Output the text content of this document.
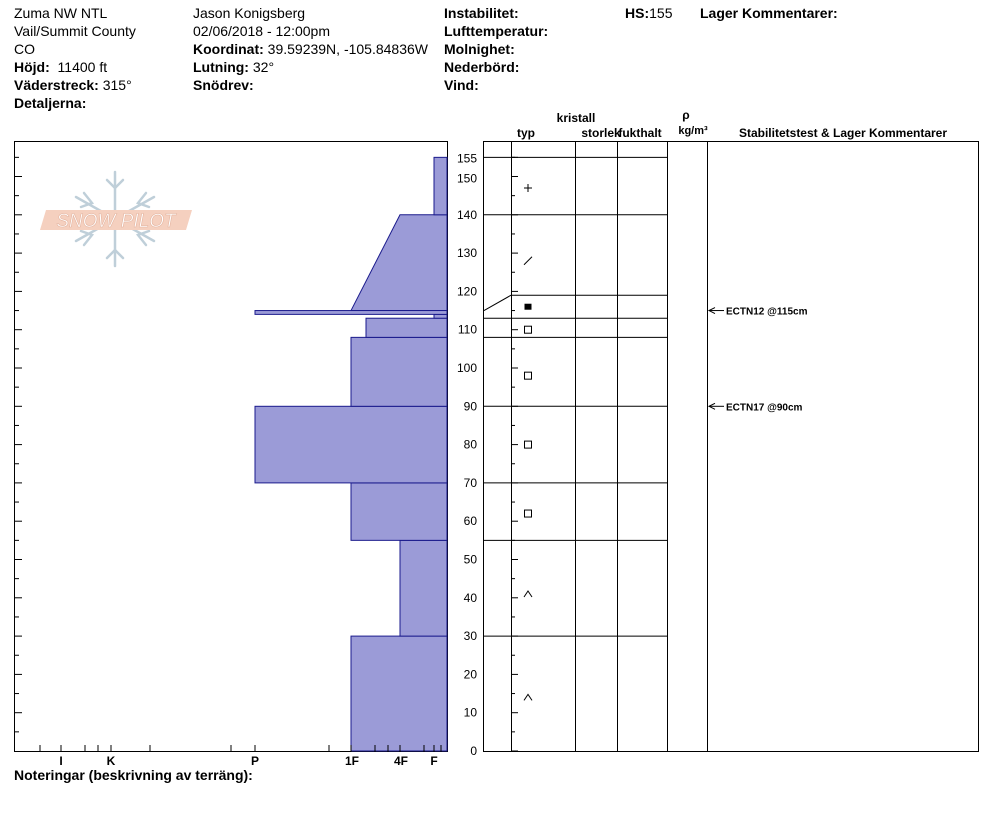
Zuma NW NTL
Vail/Summit County
CO
Höjd: 11400 ft
Väderstreck: 315°
Detaljerna:
Jason Konigsberg
02/06/2018 - 12:00pm
Koordinat: 39.59239N, -105.84836W
Lutning: 32°
Snödrev:
Instabilitet:
Lufttemperatur:
Molnighet:
Nederbörd:
Vind:
HS:155 Lager Kommentarer:
Noteringar (beskrivning av terräng):
SNOW PILOT
I	K	P	1F	4F F
0
10
20
30
40
50
60
70
80
90
100
110
120
130
140
150
155
ECTN12 @115cm
ECTN17 @90cm
kristall
typ	storlek
fukthalt
ρ
kg/m³	Stabilitetstest & Lager Kommentarer
